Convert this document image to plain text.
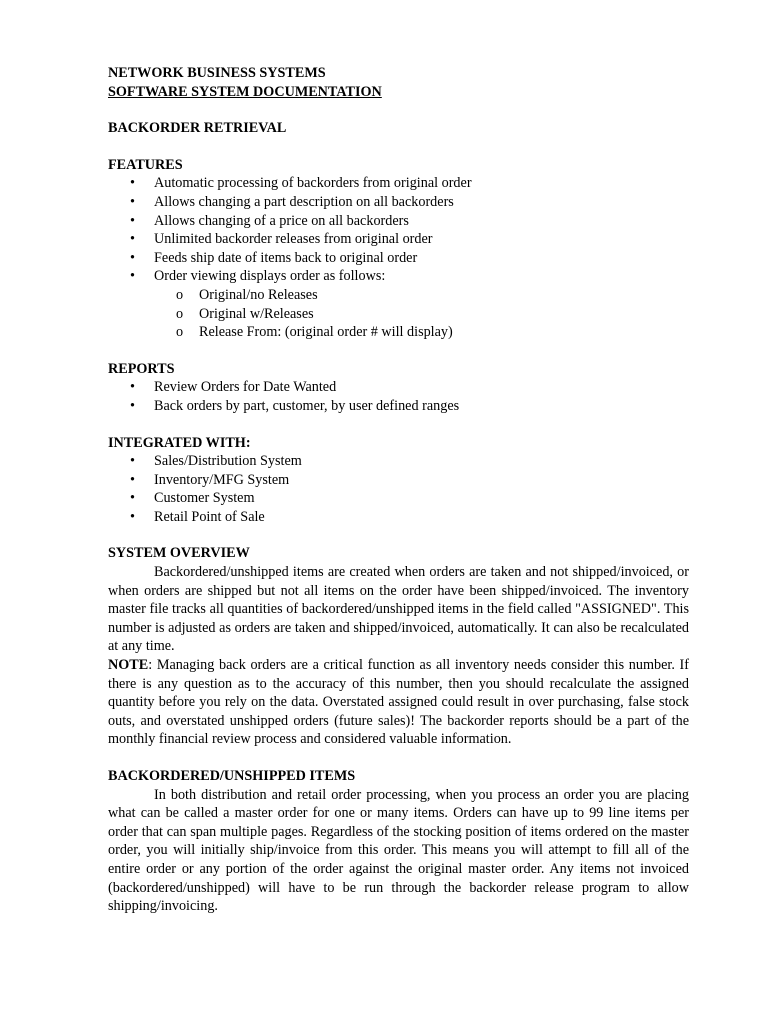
NETWORK BUSINESS SYSTEMS
SOFTWARE SYSTEM DOCUMENTATION
BACKORDER RETRIEVAL
FEATURES
• Automatic processing of backorders from original order
• Allows changing a part description on all backorders
• Allows changing of a price on all backorders
• Unlimited backorder releases from original order
• Feeds ship date of items back to original order
• Order viewing displays order as follows:
o Original/no Releases
o Original w/Releases
o Release From: (original order # will display)
REPORTS
• Review Orders for Date Wanted
• Back orders by part, customer, by user defined ranges
INTEGRATED WITH:
• Sales/Distribution System
• Inventory/MFG System
• Customer System
• Retail Point of Sale
SYSTEM OVERVIEW

Backordered/unshipped items are created when orders are taken and not shipped/invoiced, or when orders are shipped but not all items on the order have been shipped/invoiced. The inventory master file tracks all quantities of backordered/unshipped items in the field called "ASSIGNED". This number is adjusted as orders are taken and shipped/invoiced, automatically. It can also be recalculated at any time.

NOTE: Managing back orders are a critical function as all inventory needs consider this number. If there is any question as to the accuracy of this number, then you should recalculate the assigned quantity before you rely on the data. Overstated assigned could result in over purchasing, false stock outs, and overstated unshipped orders (future sales)! The backorder reports should be a part of the monthly financial review process and considered valuable information.

BACKORDERED/UNSHIPPED ITEMS

In both distribution and retail order processing, when you process an order you are placing what can be called a master order for one or many items. Orders can have up to 99 line items per order that can span multiple pages. Regardless of the stocking position of items ordered on the master order, you will initially ship/invoice from this order. This means you will attempt to fill all of the entire order or any portion of the order against the original master order. Any items not invoiced (backordered/unshipped) will have to be run through the backorder release program to allow shipping/invoicing.
